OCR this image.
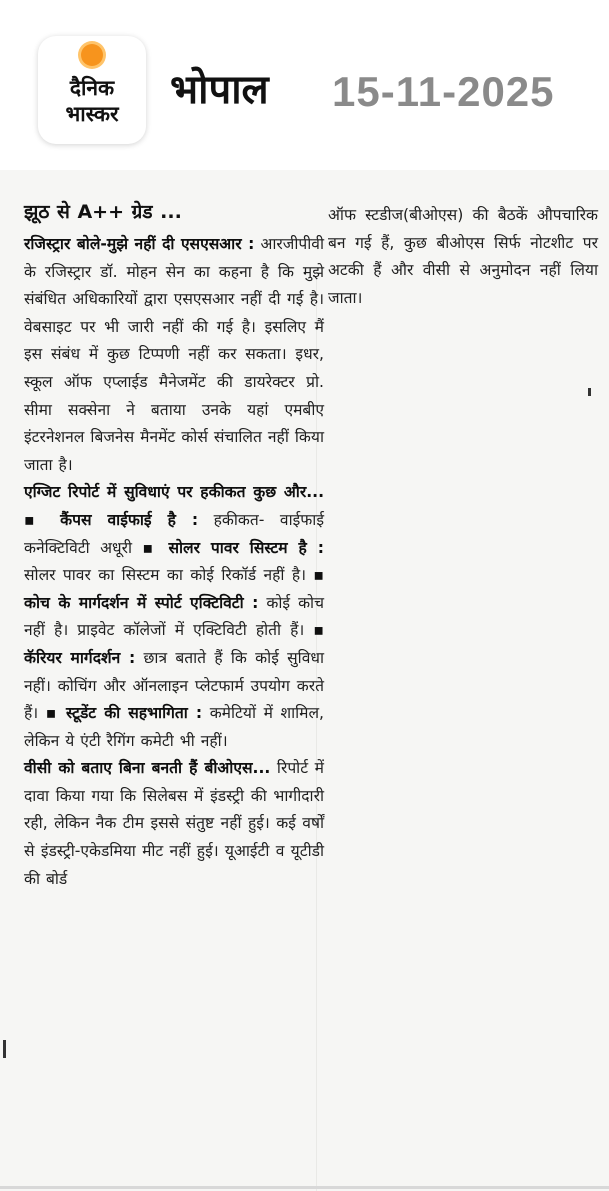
दैनिक
भास्कर
भोपाल 15-11-2025
झूठ से A++ ग्रेड ...

रजिस्ट्रार बोले-मुझे नहीं दी एसएसआर : आरजीपीवी के रजिस्ट्रार डॉ. मोहन सेन का कहना है कि मुझे संबंधित अधिकारियों द्वारा एसएसआर नहीं दी गई है। वेबसाइट पर भी जारी नहीं की गई है। इसलिए मैं इस संबंध में कुछ टिप्पणी नहीं कर सकता। इधर, स्कूल ऑफ एप्लाईड मैनेजमेंट की डायरेक्टर प्रो. सीमा सक्सेना ने बताया उनके यहां एमबीए इंटरनेशनल बिजनेस मैनमेंट कोर्स संचालित नहीं किया जाता है।

एग्जिट रिपोर्ट में सुविधाएं पर हकीकत कुछ और... ▪ कैंपस वाईफाई है : हकीकत- वाईफाई कनेक्टिविटी अधूरी ▪ सोलर पावर सिस्टम है : सोलर पावर का सिस्टम का कोई रिकॉर्ड नहीं है। ▪ कोच के मार्गदर्शन में स्पोर्ट एक्टिविटी : कोई कोच नहीं है। प्राइवेट कॉलेजों में एक्टिविटी होती हैं। ▪ कॅरियर मार्गदर्शन : छात्र बताते हैं कि कोई सुविधा नहीं। कोचिंग और ऑनलाइन प्लेटफार्म उपयोग करते हैं। ▪ स्टूडेंट की सहभागिता : कमेटियों में शामिल, लेकिन ये एंटी रैगिंग कमेटी भी नहीं।

वीसी को बताए बिना बनती हैं बीओएस... रिपोर्ट में दावा किया गया कि सिलेबस में इंडस्ट्री की भागीदारी रही, लेकिन नैक टीम इससे संतुष्ट नहीं हुई। कई वर्षों से इंडस्ट्री-एकेडमिया मीट नहीं हुई। यूआईटी व यूटीडी की बोर्ड

ऑफ स्टडीज(बीओएस) की बैठकें औपचारिक बन गई हैं, कुछ बीओएस सिर्फ नोटशीट पर अटकी हैं और वीसी से अनुमोदन नहीं लिया जाता।
